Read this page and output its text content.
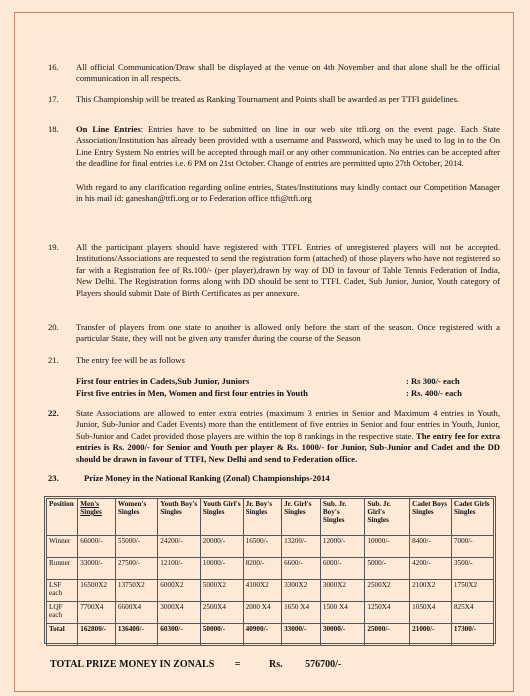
16.	All official Communication/Draw shall be displayed at the venue on 4th November and that alone shall be the official communication in all respects.
17.	This Championship will be treated as Ranking Tournament and Points shall be awarded as per TTFI guidelines.
18.	On Line Entries: Entries have to be submitted on line in our web site ttfi.org on the event page. Each State Association/Institution has already been provided with a username and Password, which may be used to log in to the On Line Entry System No entries will be accepted through mail or any other communication. No entries can be accepted after the deadline for final entries i.e. 6 PM on 21st October. Change of entries are permitted upto 27th October, 2014.
With regard to any clarification regarding online entries, States/Institutions may kindly contact our Competition Manager in his mail id: ganeshan@ttfi.org or to Federation office ttfi@ttfi.org
19.	All the participant players should have registered with TTFI. Entries of unregistered players will not be accepted. Institutions/Associations are requested to send the registration form (attached) of those players who have not registered so far with a Registration fee of Rs.100/- (per player),drawn by way of DD in favour of Table Tennis Federation of India, New Delhi. The Registration forms along with DD should be sent to TTFI. Cadet, Sub Junior, Junior, Youth category of Players should submit Date of Birth Certificates as per annexure.
20.	Transfer of players from one state to another is allowed only before the start of the season. Once registered with a particular State, they will not be given any transfer during the course of the Season
21.	The entry fee will be as follows
First four entries in Cadets,Sub Junior, Juniors	: Rs 300/- each
First five entries in Men, Women and first four entries in Youth	: Rs. 400/- each
22.	State Associations are allowed to enter extra entries (maximum 3 entries in Senior and Maximum 4 entries in Youth, Junior, Sub-Junior and Cadet Events) more than the entitlement of five entries in Senior and four entries in Youth, Junior, Sub-Junior and Cadet provided those players are within the top 8 rankings in the respective state. The entry fee for extra entries is Rs. 2000/- for Senior and Youth per player & Rs. 1000/- for Junior, Sub-Junior and Cadet and the DD should be drawn in favour of TTFI, New Delhi and send to Federation office.
23.	Prize Money in the National Ranking (Zonal) Championships-2014
Position	Men's Singles	Women's Singles	Youth Boy's Singles	Youth Girl's Singles	Jr. Boy's Singles	Jr. Girl's Singles	Sub. Jr. Boy's Singles	Sub. Jr. Girl's Singles	Cadet Boys Singles	Cadet Girls Singles
Winner	66000/-	55000/-	24200/-	20000/-	16500/-	13200/-	12000/-	10000/-	8400/-	7000/-
Runner	33000/-	27500/-	12100/-	10000/-	8200/-	6600/-	6000/-	5000/-	4200/-	3500/-
LSF each	16500X2	13750X2	6000X2	5000X2	4100X2	3300X2	3000X2	2500X2	2100X2	1750X2
LQF each	7700X4	6600X4	3000X4	2500X4	2000 X4	1650 X4	1500 X4	1250X4	1050X4	825X4
Total	162800/-	136400/-	60300/-	50000/-	40900/-	33000/-	30000/-	25000/-	21000/-	17300/-
TOTAL PRIZE MONEY IN ZONALS =	Rs. 576700/-
